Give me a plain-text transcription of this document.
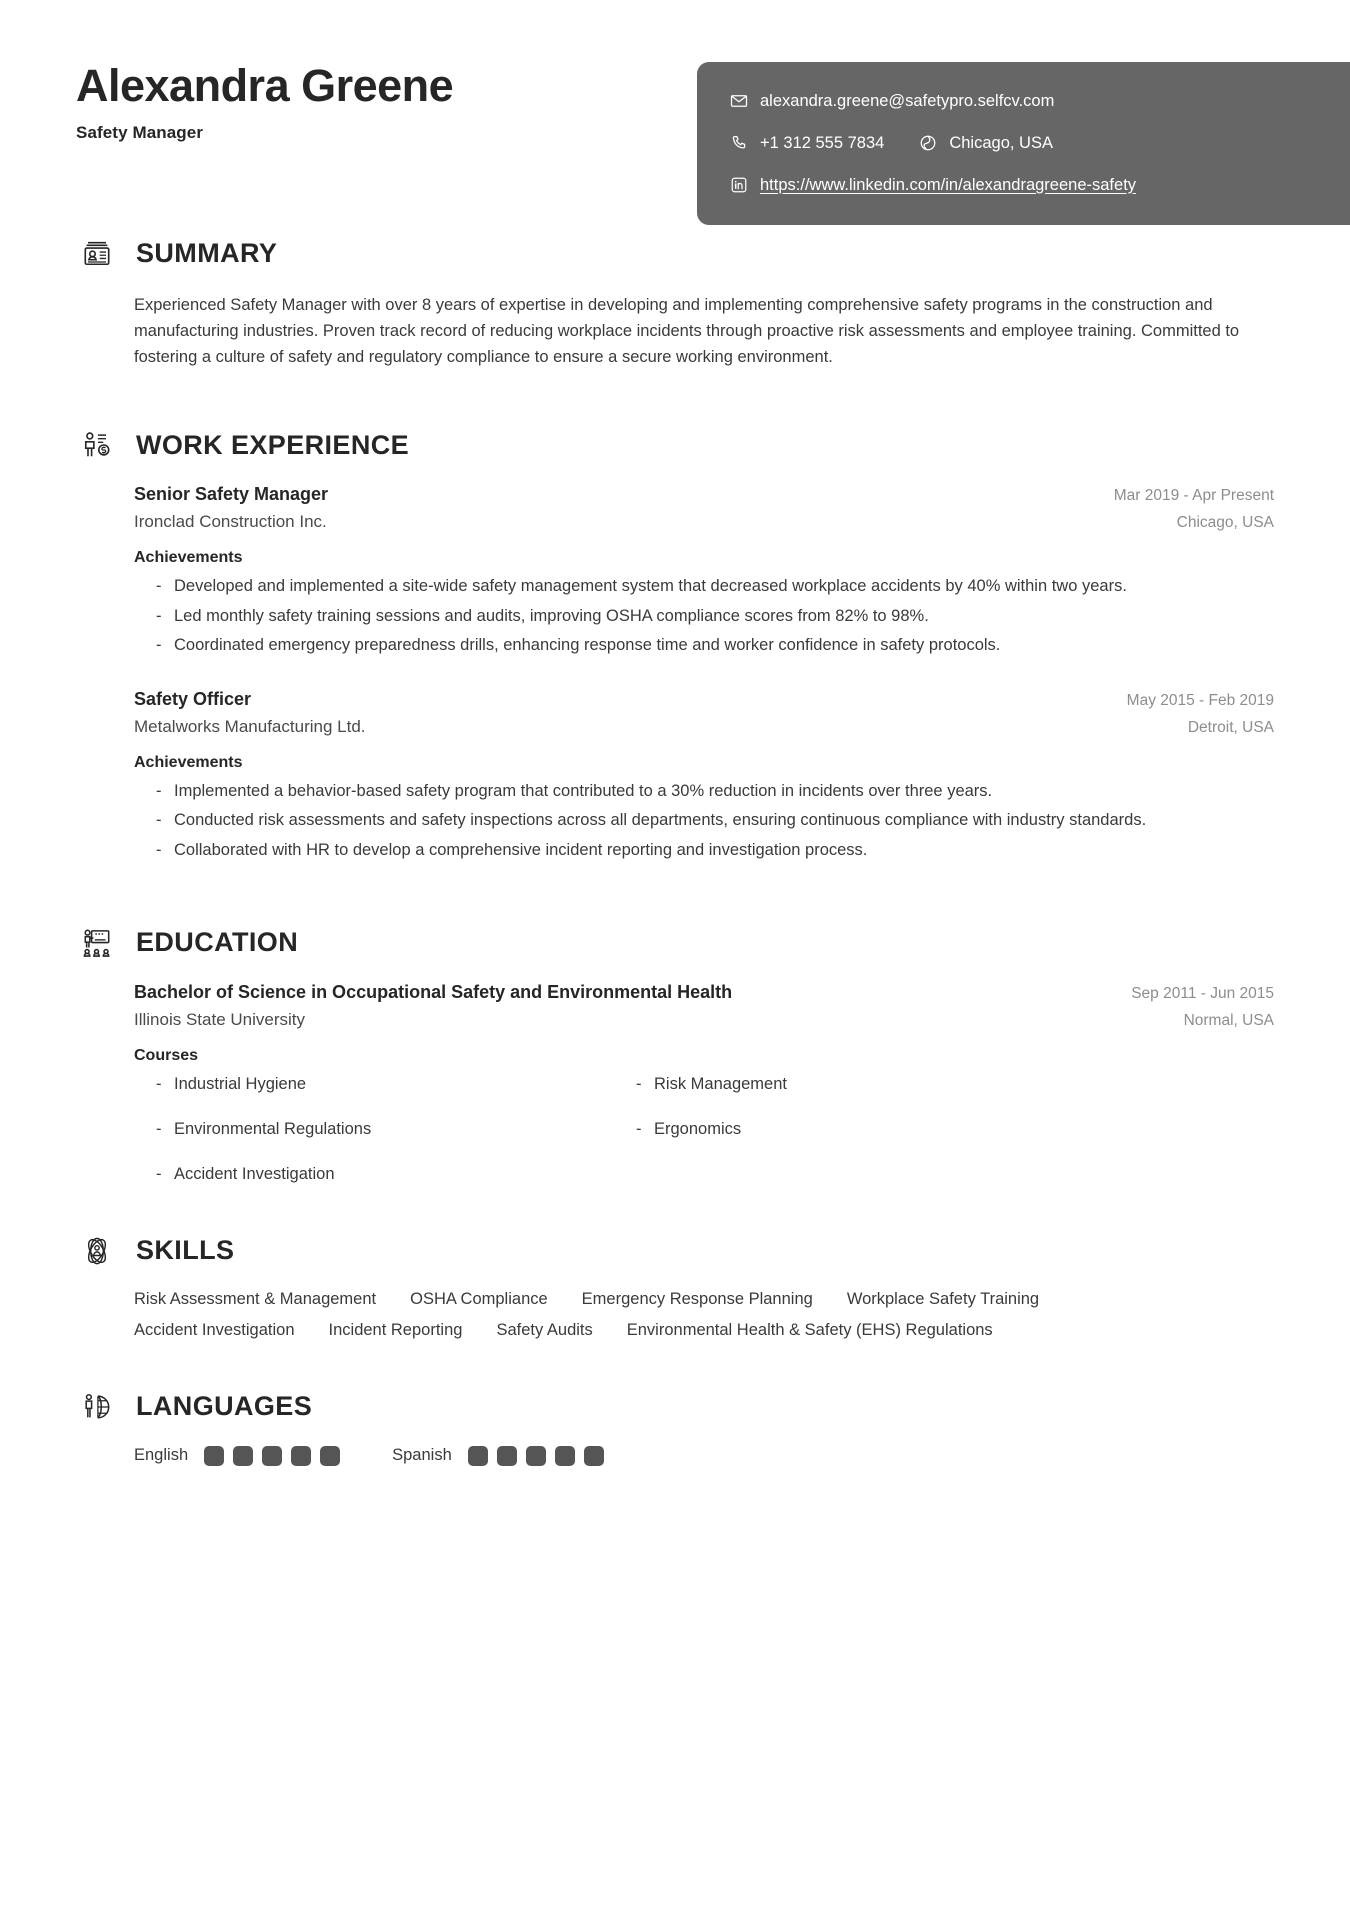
Alexandra Greene
Safety Manager
alexandra.greene@safetypro.selfcv.com
+1 312 555 7834	Chicago, USA
https://www.linkedin.com/in/alexandragreene-safety
SUMMARY
Experienced Safety Manager with over 8 years of expertise in developing and implementing comprehensive safety programs in the construction and manufacturing industries. Proven track record of reducing workplace incidents through proactive risk assessments and employee training. Committed to fostering a culture of safety and regulatory compliance to ensure a secure working environment.
WORK EXPERIENCE
Senior Safety Manager	Mar 2019 - Apr Present
Ironclad Construction Inc.	Chicago, USA
Achievements
- Developed and implemented a site-wide safety management system that decreased workplace accidents by 40% within two years.
- Led monthly safety training sessions and audits, improving OSHA compliance scores from 82% to 98%.
- Coordinated emergency preparedness drills, enhancing response time and worker confidence in safety protocols.
Safety Officer	May 2015 - Feb 2019
Metalworks Manufacturing Ltd.	Detroit, USA
Achievements
- Implemented a behavior-based safety program that contributed to a 30% reduction in incidents over three years.
- Conducted risk assessments and safety inspections across all departments, ensuring continuous compliance with industry standards.
- Collaborated with HR to develop a comprehensive incident reporting and investigation process.
EDUCATION
Bachelor of Science in Occupational Safety and Environmental Health	Sep 2011 - Jun 2015
Illinois State University	Normal, USA
Courses
- Industrial Hygiene	- Risk Management
- Environmental Regulations	- Ergonomics
- Accident Investigation
SKILLS
Risk Assessment & Management OSHA Compliance Emergency Response Planning Workplace Safety Training
Accident Investigation Incident Reporting Safety Audits Environmental Health & Safety (EHS) Regulations
LANGUAGES
English	Spanish
